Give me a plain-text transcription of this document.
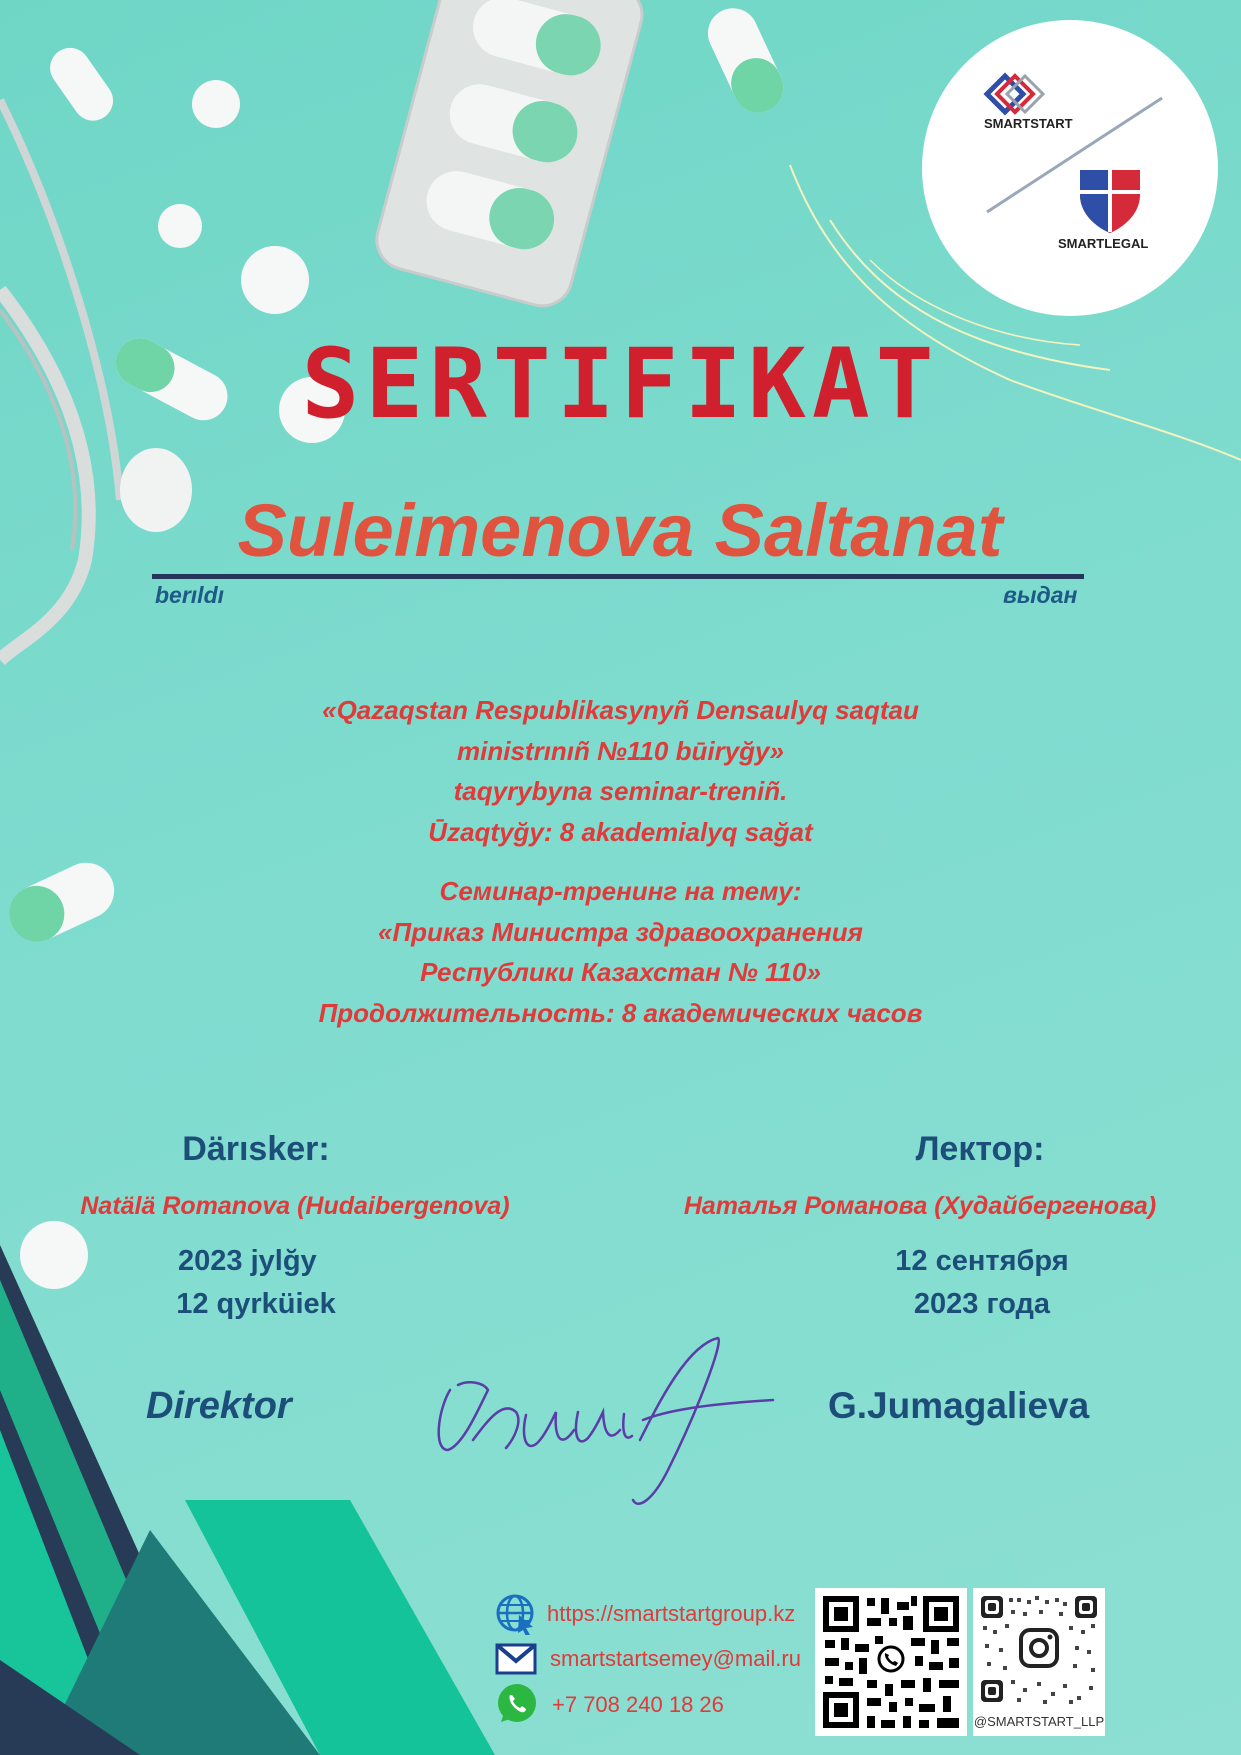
SMARTSTART
SMARTLEGAL
SERTIFIKAT
Suleimenova Saltanat
berıldı	выдан
«Qazaqstan Respublikasynyñ Densaulyq saqtau
ministrınıñ №110 būiryğy»
taqyrybyna seminar-treniñ.
Ūzaqtyğy: 8 akademialyq sağat
Семинар-тренинг на тему:
«Приказ Министра здравоохранения
Республики Казахстан № 110»
Продолжительность: 8 академических часов
Därısker:
Natälä Romanova (Hudaibergenova)
2023 jylğy
12 qyrküiek
Лектор:
Наталья Романова (Худайбергенова)
12 сентября
2023 года
Direktor	G.Jumagalieva
https://smartstartgroup.kz
smartstartsemey@mail.ru
+7 708 240 18 26
@SMARTSTART_LLP
